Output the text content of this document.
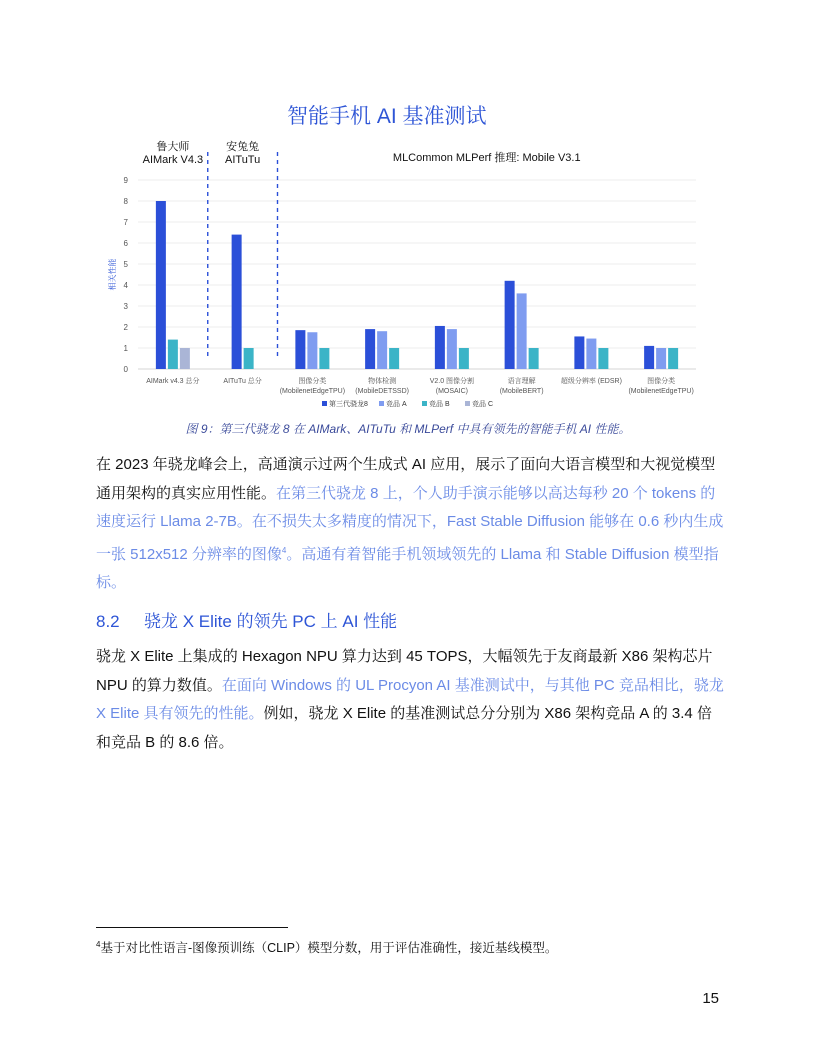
智能手机 AI 基准测试
0
1
2
3
4
5
6
7
8
9
相关性能
AIMark v4.3 总分	AITuTu 总分	图像分类
(MobilenetEdgeTPU)
物体检测
(MobileDETSSD)
V2.0 图像分割
(MOSAIC)
语言理解
(MobileBERT)
超级分辨率 (EDSR)	图像分类
(MobilenetEdgeTPU)
鲁大师
AIMark V4.3
安兔兔
AITuTu	MLCommon MLPerf 推理: Mobile V3.1
第三代骁龙8	竞品 A	竞品 B	竞品 C
图 9：第三代骁龙 8 在 AIMark、AITuTu 和 MLPerf 中具有领先的智能手机 AI 性能。
在 2023 年骁龙峰会上，高通演示过两个生成式 AI 应用，展示了面向大语言模型和大视觉模型通用架构的真实应用性能。在第三代骁龙 8 上，个人助手演示能够以高达每秒 20 个 tokens 的速度运行 Llama 2-7B。在不损失太多精度的情况下，Fast Stable Diffusion 能够在 0.6 秒内生成一张 512x512 分辨率的图像$^4$。高通有着智能手机领域领先的 Llama 和 Stable Diffusion 模型指标。
8.2 骁龙 X Elite 的领先 PC 上 AI 性能
骁龙 X Elite 上集成的 Hexagon NPU 算力达到 45 TOPS，大幅领先于友商最新 X86 架构芯片 NPU 的算力数值。在面向 Windows 的 UL Procyon AI 基准测试中，与其他 PC 竞品相比，骁龙 X Elite 具有领先的性能。例如，骁龙 X Elite 的基准测试总分分别为 X86 架构竞品 A 的 3.4 倍和竞品 B 的 8.6 倍。
$^4$基于对比性语言-图像预训练（CLIP）模型分数，用于评估准确性，接近基线模型。
15
